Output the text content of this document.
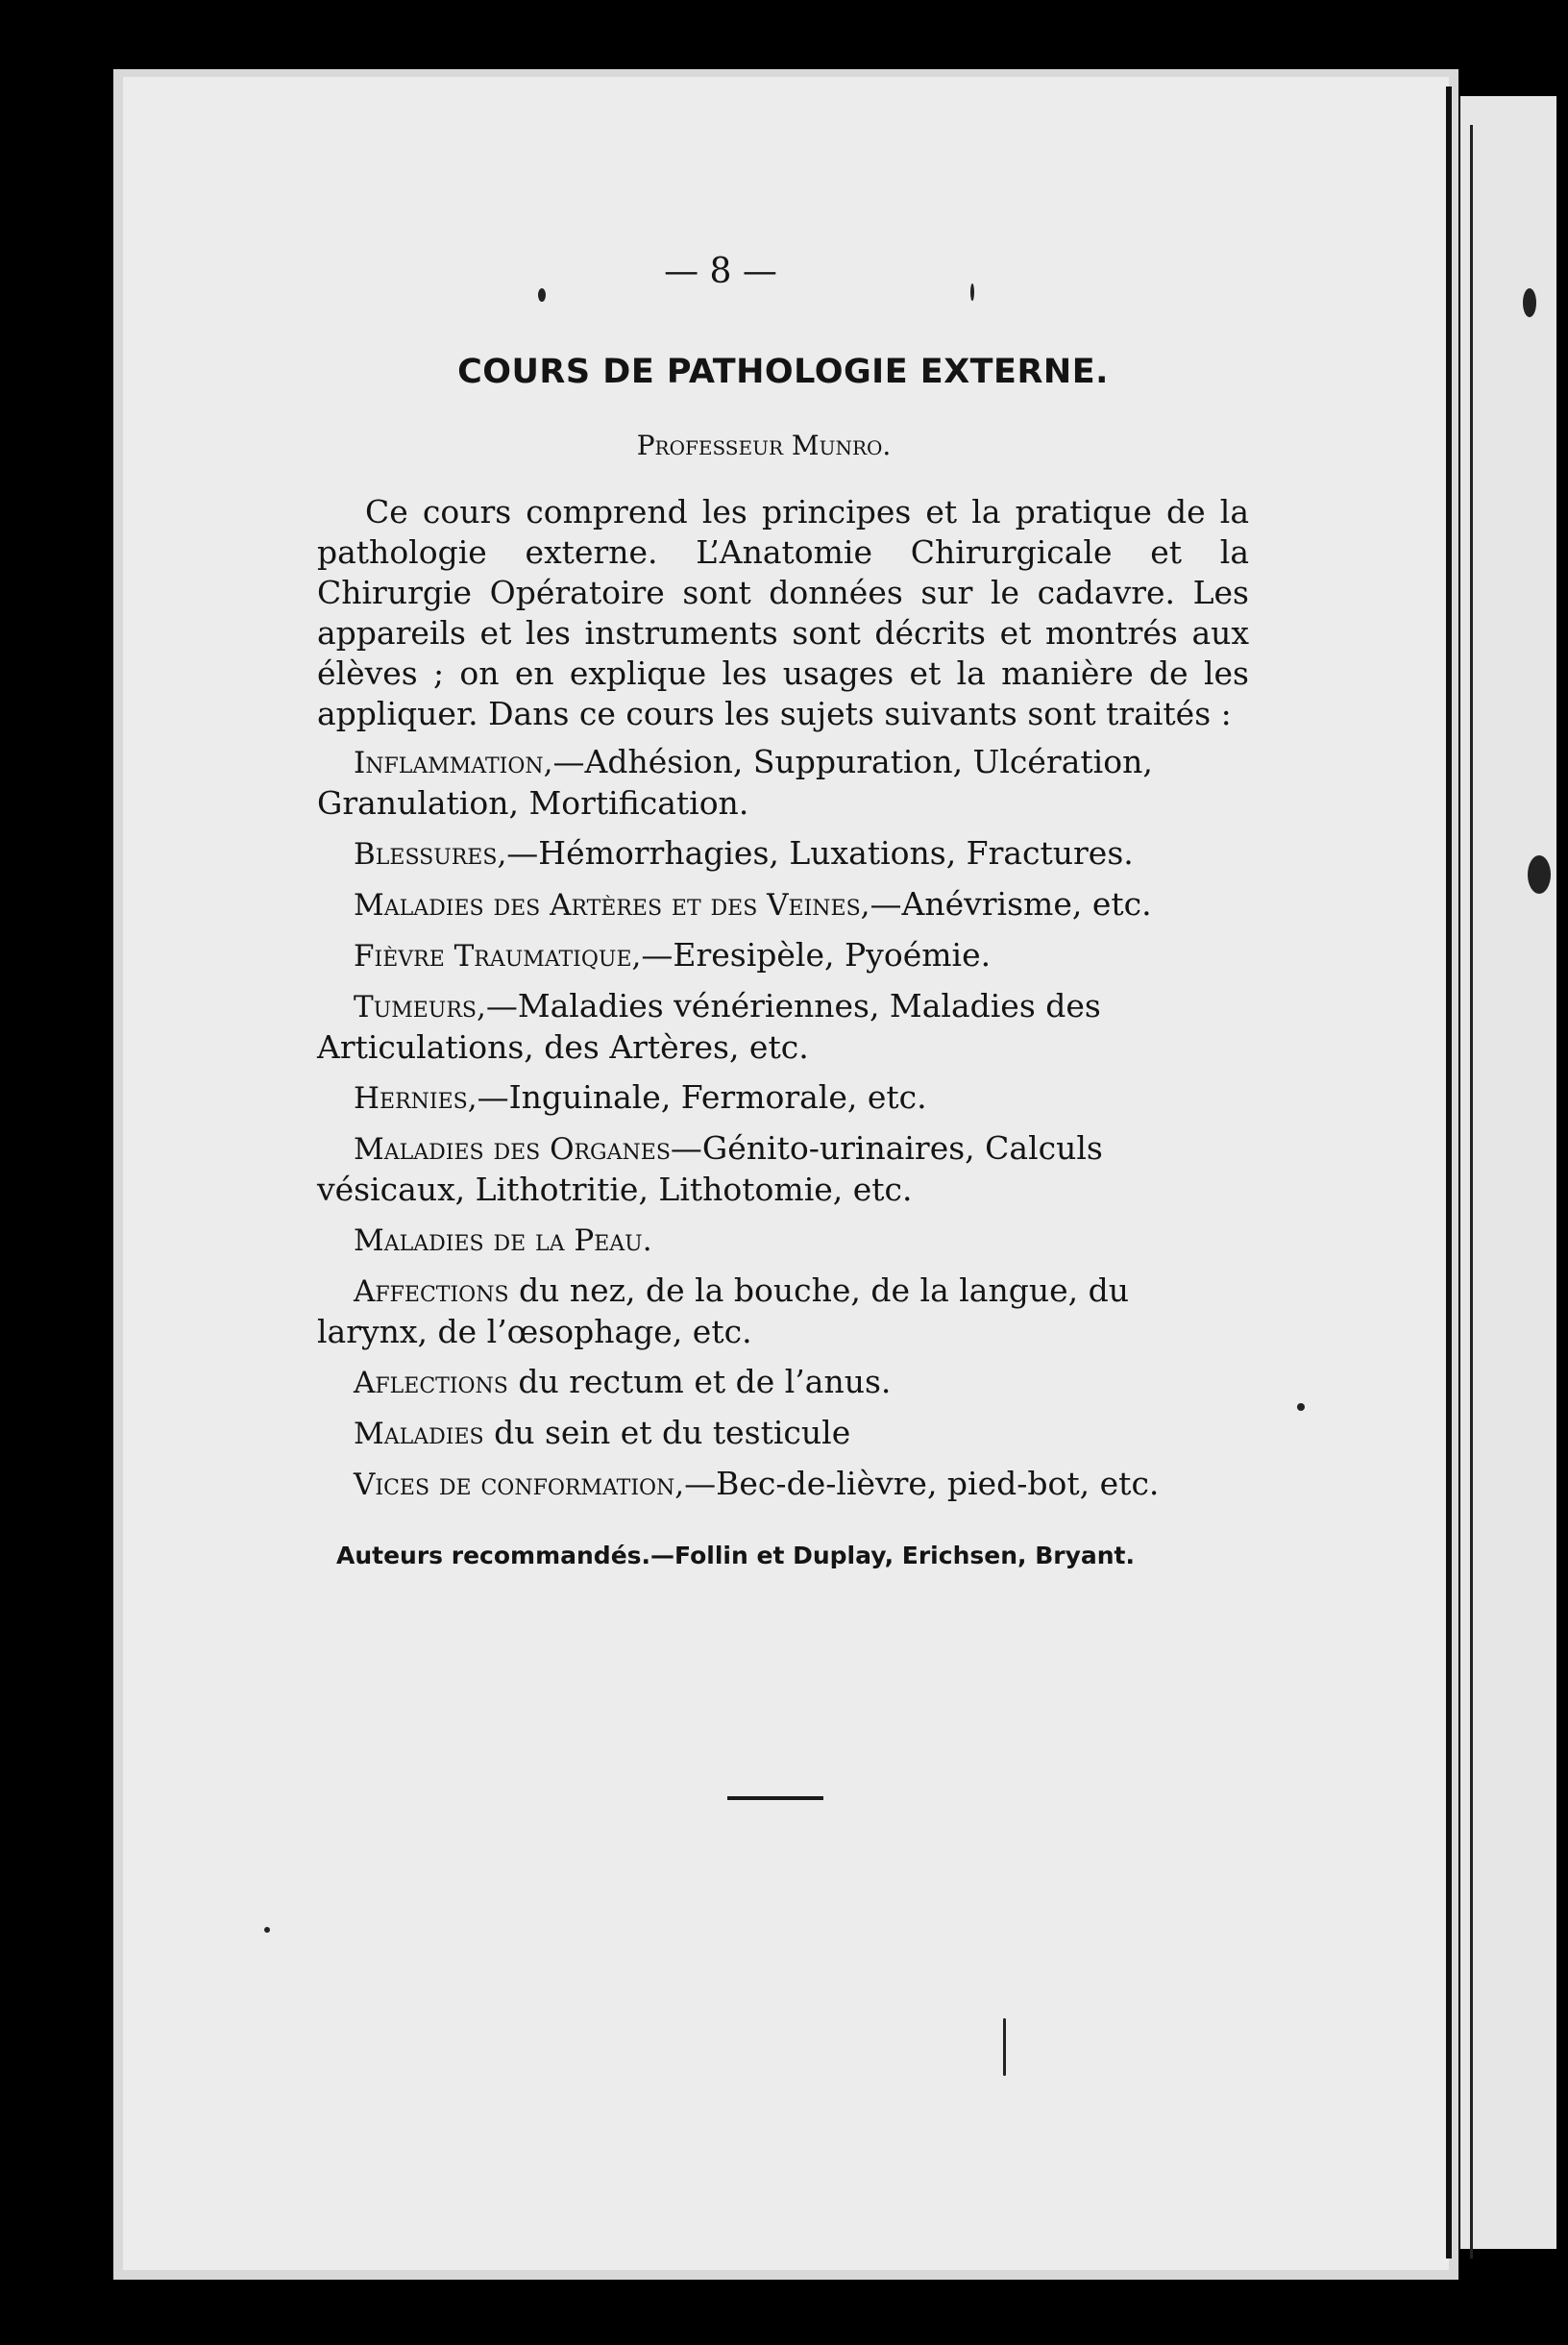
— 8 —
COURS DE PATHOLOGIE EXTERNE.
Professeur Munro.

Ce cours comprend les principes et la pratique de la pathologie externe. L’Anatomie Chirurgicale et la Chirurgie Opératoire sont données sur le cadavre. Les appareils et les instruments sont décrits et montrés aux élèves ; on en explique les usages et la manière de les appliquer. Dans ce cours les sujets suivants sont traités :

Inflammation,—Adhésion, Suppuration, Ulcération, Granulation, Mortification.

Blessures,—Hémorrhagies, Luxations, Fractures.

Maladies des Artères et des Veines,—Anévrisme, etc.

Fièvre Traumatique,—Eresipèle, Pyoémie.

Tumeurs,—Maladies vénériennes, Maladies des Articulations, des Artères, etc.

Hernies,—Inguinale, Fermorale, etc.

Maladies des Organes—Génito-urinaires, Calculs vésicaux, Lithotritie, Lithotomie, etc.

Maladies de la Peau.

Affections du nez, de la bouche, de la langue, du larynx, de l’œsophage, etc.

Aflections du rectum et de l’anus.

Maladies du sein et du testicule

Vices de conformation,—Bec-de-lièvre, pied-bot, etc.

Auteurs recommandés.—Follin et Duplay, Erichsen, Bryant.
